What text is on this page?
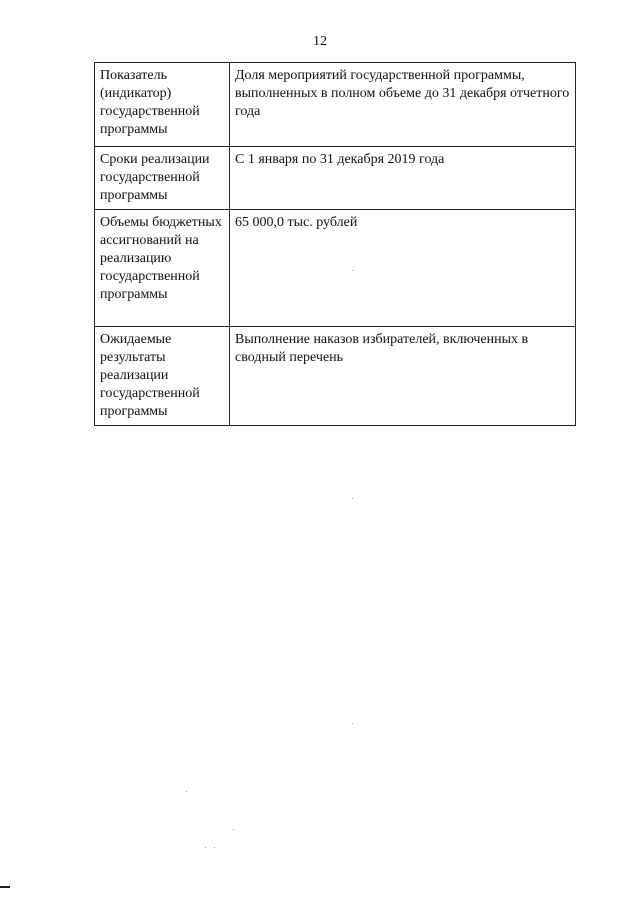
12
Показатель (индикатор) государственной программы	Доля мероприятий государственной программы, выполненных в полном объеме до 31 декабря отчетного года
Сроки реализации государственной программы	С 1 января по 31 декабря 2019 года
Объемы бюджетных ассигнований на реализацию государственной программы	65 000,0 тыс. рублей
Ожидаемые результаты реализации государственной программы	Выполнение наказов избирателей, включенных в сводный перечень
